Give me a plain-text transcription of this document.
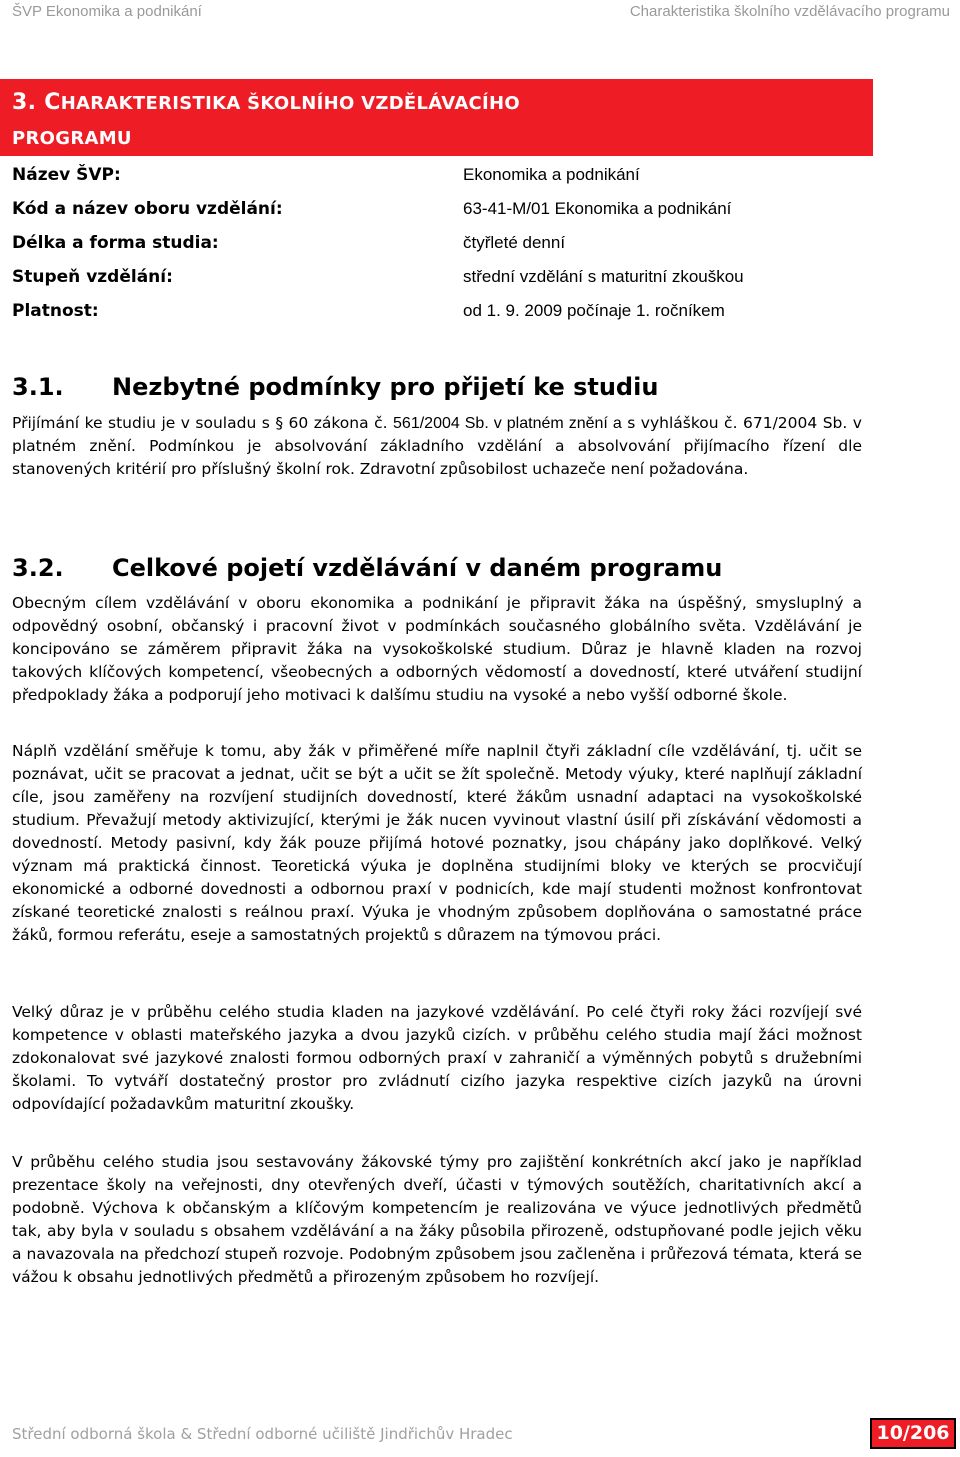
ŠVP Ekonomika a podnikání	Charakteristika školního vzdělávacího programu
3. CHARAKTERISTIKA ŠKOLNÍHO VZDĚLÁVACÍHO
PROGRAMU
Název ŠVP:	Ekonomika a podnikání
Kód a název oboru vzdělání:	63-41-M/01 Ekonomika a podnikání
Délka a forma studia:	čtyřleté denní
Stupeň vzdělání:	střední vzdělání s maturitní zkouškou
Platnost:	od 1. 9. 2009 počínaje 1. ročníkem
3.1. Nezbytné podmínky pro přijetí ke studiu
Přijímání ke studiu je v souladu s § 60 zákona č. 561/2004 Sb. v platném znění a s vyhláškou č. 671/2004 Sb. v platném znění. Podmínkou je absolvování základního vzdělání a absolvování přijímacího řízení dle stanovených kritérií pro příslušný školní rok. Zdravotní způsobilost uchazeče není požadována.
3.2. Celkové pojetí vzdělávání v daném programu
Obecným cílem vzdělávání v oboru ekonomika a podnikání je připravit žáka na úspěšný, smysluplný a odpovědný osobní, občanský i pracovní život v podmínkách současného globálního světa. Vzdělávání je koncipováno se záměrem připravit žáka na vysokoškolské studium. Důraz je hlavně kladen na rozvoj takových klíčových kompetencí, všeobecných a odborných vědomostí a dovedností, které utváření studijní předpoklady žáka a podporují jeho motivaci k dalšímu studiu na vysoké a nebo vyšší odborné škole.
Náplň vzdělání směřuje k tomu, aby žák v přiměřené míře naplnil čtyři základní cíle vzdělávání, tj. učit se poznávat, učit se pracovat a jednat, učit se být a učit se žít společně. Metody výuky, které naplňují základní cíle, jsou zaměřeny na rozvíjení studijních dovedností, které žákům usnadní adaptaci na vysokoškolské studium. Převažují metody aktivizující, kterými je žák nucen vyvinout vlastní úsilí při získávání vědomosti a dovedností. Metody pasivní, kdy žák pouze přijímá hotové poznatky, jsou chápány jako doplňkové. Velký význam má praktická činnost. Teoretická výuka je doplněna studijními bloky ve kterých se procvičují ekonomické a odborné dovednosti a odbornou praxí v podnicích, kde mají studenti možnost konfrontovat získané teoretické znalosti s reálnou praxí. Výuka je vhodným způsobem doplňována o samostatné práce žáků, formou referátu, eseje a samostatných projektů s důrazem na týmovou práci.
Velký důraz je v průběhu celého studia kladen na jazykové vzdělávání. Po celé čtyři roky žáci rozvíjejí své kompetence v oblasti mateřského jazyka a dvou jazyků cizích. v průběhu celého studia mají žáci možnost zdokonalovat své jazykové znalosti formou odborných praxí v zahraničí a výměnných pobytů s družebními školami. To vytváří dostatečný prostor pro zvládnutí cizího jazyka respektive cizích jazyků na úrovni odpovídající požadavkům maturitní zkoušky.
V průběhu celého studia jsou sestavovány žákovské týmy pro zajištění konkrétních akcí jako je například prezentace školy na veřejnosti, dny otevřených dveří, účasti v týmových soutěžích, charitativních akcí a podobně. Výchova k občanským a klíčovým kompetencím je realizována ve výuce jednotlivých předmětů tak, aby byla v souladu s obsahem vzdělávání a na žáky působila přirozeně, odstupňované podle jejich věku a navazovala na předchozí stupeň rozvoje. Podobným způsobem jsou začleněna i průřezová témata, která se vážou k obsahu jednotlivých předmětů a přirozeným způsobem ho rozvíjejí.
Střední odborná škola & Střední odborné učiliště Jindřichův Hradec	10/206
